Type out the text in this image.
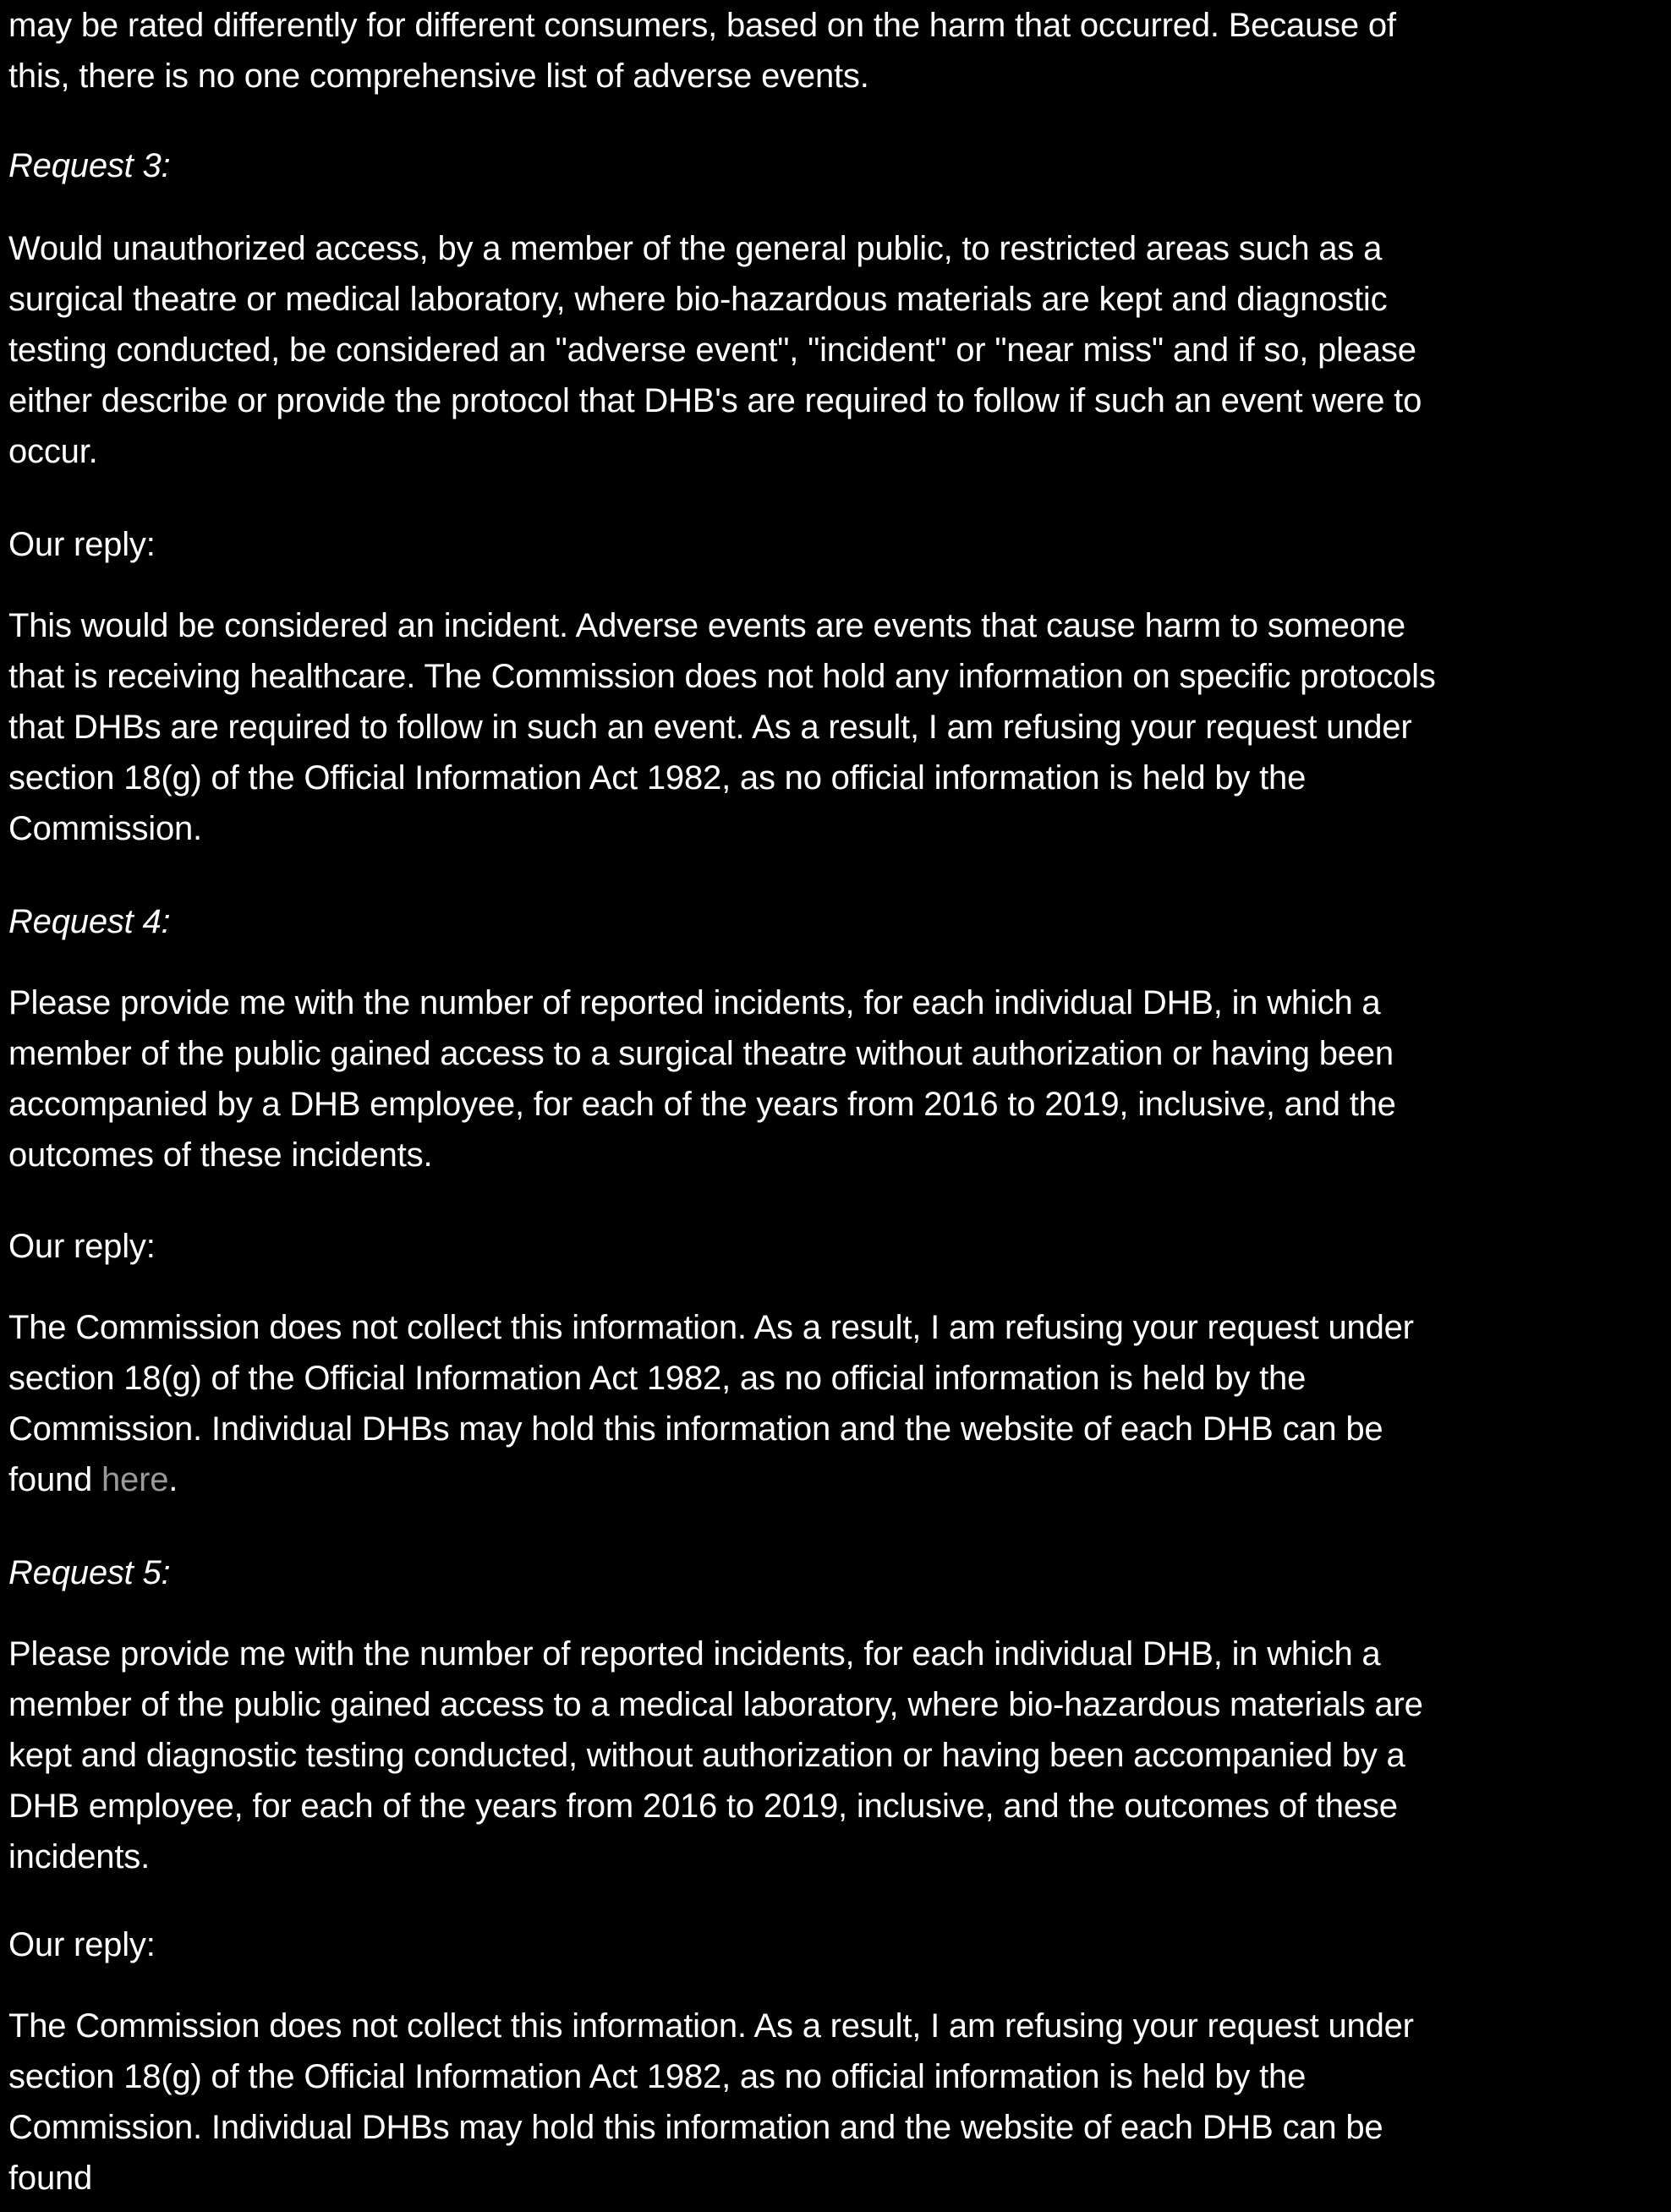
may be rated differently for different consumers, based on the harm that occurred. Because of
this, there is no one comprehensive list of adverse events.

Request 3:

Would unauthorized access, by a member of the general public, to restricted areas such as a
surgical theatre or medical laboratory, where bio-hazardous materials are kept and diagnostic
testing conducted, be considered an "adverse event", "incident" or "near miss" and if so, please
either describe or provide the protocol that DHB's are required to follow if such an event were to
occur.

Our reply:

This would be considered an incident. Adverse events are events that cause harm to someone
that is receiving healthcare. The Commission does not hold any information on specific protocols
that DHBs are required to follow in such an event. As a result, I am refusing your request under
section 18(g) of the Official Information Act 1982, as no official information is held by the
Commission.

Request 4:

Please provide me with the number of reported incidents, for each individual DHB, in which a
member of the public gained access to a surgical theatre without authorization or having been
accompanied by a DHB employee, for each of the years from 2016 to 2019, inclusive, and the
outcomes of these incidents.

Our reply:

The Commission does not collect this information. As a result, I am refusing your request under
section 18(g) of the Official Information Act 1982, as no official information is held by the
Commission. Individual DHBs may hold this information and the website of each DHB can be
found here.

Request 5:

Please provide me with the number of reported incidents, for each individual DHB, in which a
member of the public gained access to a medical laboratory, where bio-hazardous materials are
kept and diagnostic testing conducted, without authorization or having been accompanied by a
DHB employee, for each of the years from 2016 to 2019, inclusive, and the outcomes of these
incidents.

Our reply:

The Commission does not collect this information. As a result, I am refusing your request under
section 18(g) of the Official Information Act 1982, as no official information is held by the
Commission. Individual DHBs may hold this information and the website of each DHB can be
found
